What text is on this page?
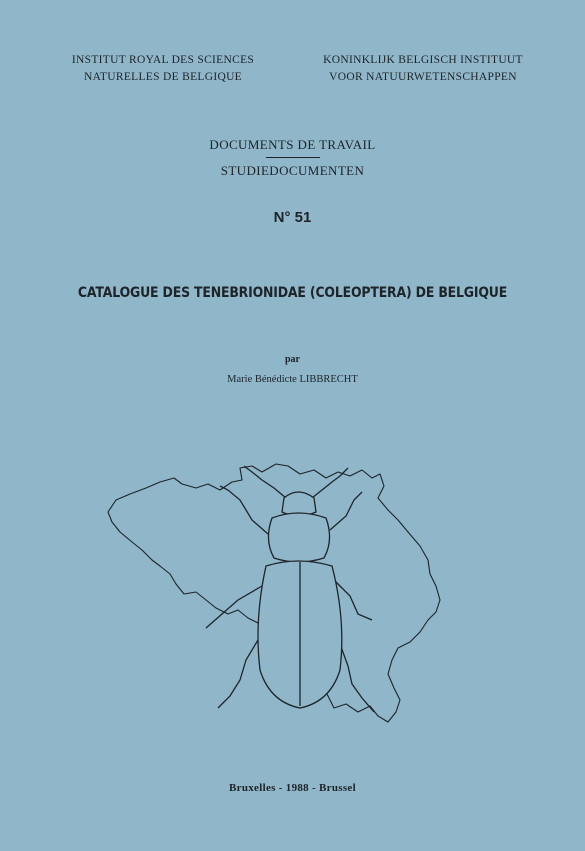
INSTITUT ROYAL DES SCIENCES
NATURELLES DE BELGIQUE
KONINKLIJK BELGISCH INSTITUUT
VOOR NATUURWETENSCHAPPEN
DOCUMENTS DE TRAVAIL
STUDIEDOCUMENTEN
N° 51
CATALOGUE DES TENEBRIONIDAE (COLEOPTERA) DE BELGIQUE
par
Marie Bénédicte LIBBRECHT
Bruxelles - 1988 - Brussel
